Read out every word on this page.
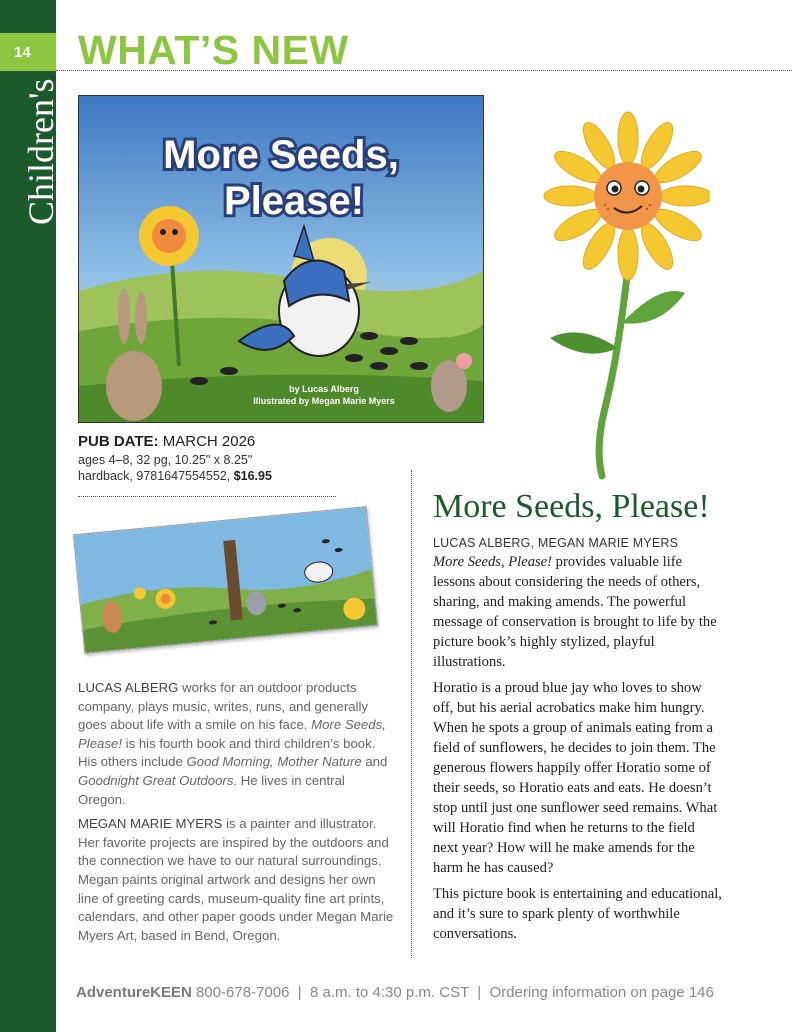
14
Children's
WHAT’S NEW
More Seeds,
Please!
by Lucas Alberg
Illustrated by Megan Marie Myers
PUB DATE: MARCH 2026
ages 4–8, 32 pg, 10.25" x 8.25"
hardback, 9781647554552, $16.95

LUCAS ALBERG works for an outdoor products company, plays music, writes, runs, and generally goes about life with a smile on his face. More Seeds, Please! is his fourth book and third children’s book. His others include Good Morning, Mother Nature and Goodnight Great Outdoors. He lives in central Oregon.

MEGAN MARIE MYERS is a painter and illustrator. Her favorite projects are inspired by the outdoors and the connection we have to our natural surroundings. Megan paints original artwork and designs her own line of greeting cards, museum-quality fine art prints, calendars, and other paper goods under Megan Marie Myers Art, based in Bend, Oregon.

More Seeds, Please!
LUCAS ALBERG, MEGAN MARIE MYERS

More Seeds, Please! provides valuable life lessons about considering the needs of others, sharing, and making amends. The powerful message of conservation is brought to life by the picture book’s highly stylized, playful illustrations.

Horatio is a proud blue jay who loves to show off, but his aerial acrobatics make him hungry. When he spots a group of animals eating from a field of sunflowers, he decides to join them. The generous flowers happily offer Horatio some of their seeds, so Horatio eats and eats. He doesn’t stop until just one sunflower seed remains. What will Horatio find when he returns to the field next year? How will he make amends for the harm he has caused?

This picture book is entertaining and educational, and it’s sure to spark plenty of worthwhile conversations.

AdventureKEEN 800-678-7006  |  8 a.m. to 4:30 p.m. CST  |  Ordering information on page 146
